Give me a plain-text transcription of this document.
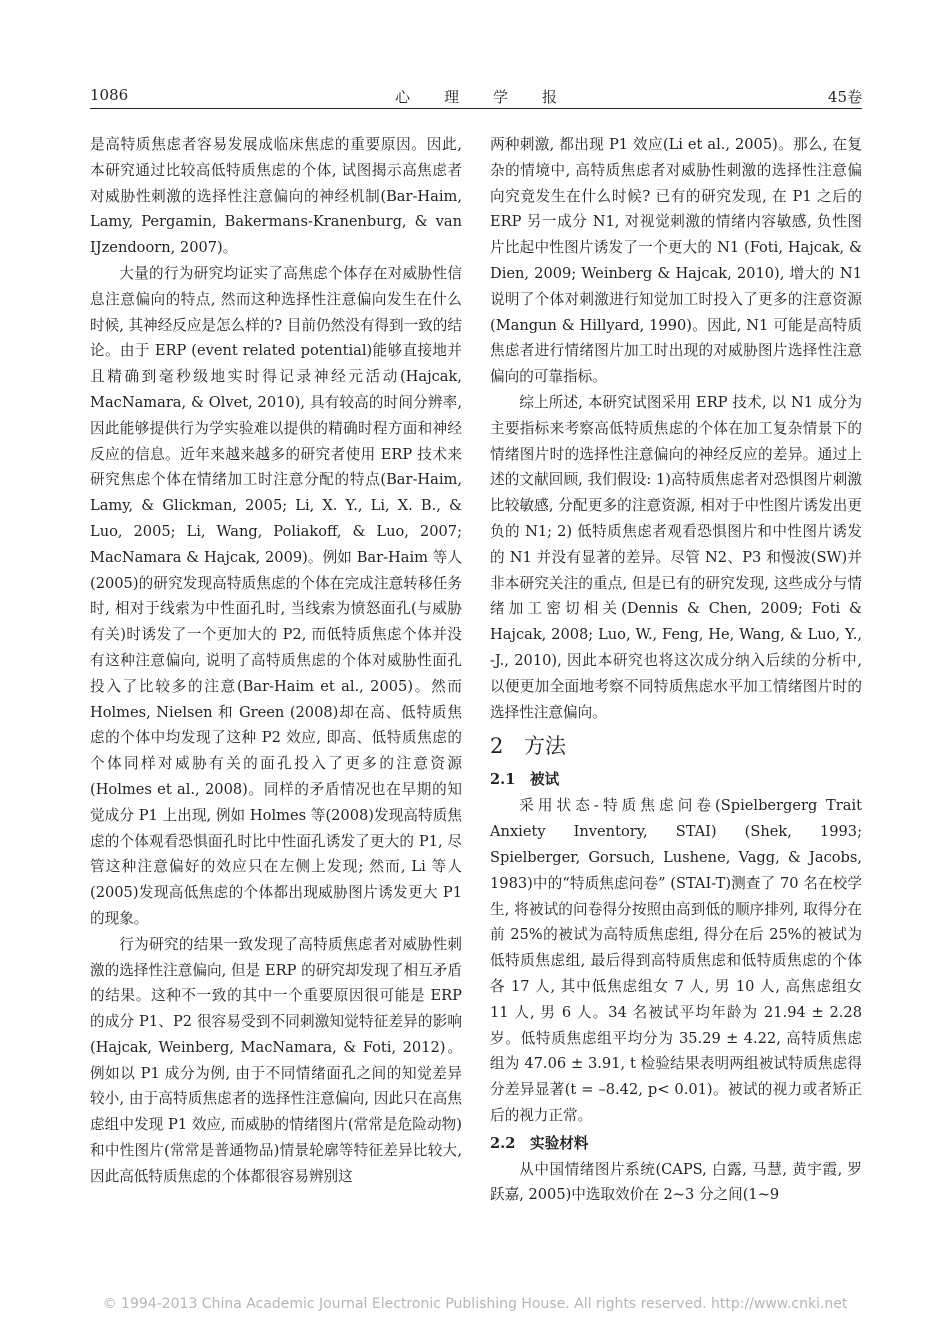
1086	心理学报	45卷

是高特质焦虑者容易发展成临床焦虑的重要原因。因此, 本研究通过比较高低特质焦虑的个体, 试图揭示高焦虑者对威胁性刺激的选择性注意偏向的神经机制(Bar-Haim, Lamy, Pergamin, Bakermans-Kranenburg, & van IJzendoorn, 2007)。

大量的行为研究均证实了高焦虑个体存在对威胁性信息注意偏向的特点, 然而这种选择性注意偏向发生在什么时候, 其神经反应是怎么样的? 目前仍然没有得到一致的结论。由于 ERP (event related potential)能够直接地并且精确到毫秒级地实时得记录神经元活动(Hajcak, MacNamara, & Olvet, 2010), 具有较高的时间分辨率, 因此能够提供行为学实验难以提供的精确时程方面和神经反应的信息。近年来越来越多的研究者使用 ERP 技术来研究焦虑个体在情绪加工时注意分配的特点(Bar-Haim, Lamy, & Glickman, 2005; Li, X. Y., Li, X. B., & Luo, 2005; Li, Wang, Poliakoff, & Luo, 2007; MacNamara & Hajcak, 2009)。例如 Bar-Haim 等人(2005)的研究发现高特质焦虑的个体在完成注意转移任务时, 相对于线索为中性面孔时, 当线索为愤怒面孔(与威胁有关)时诱发了一个更加大的 P2, 而低特质焦虑个体并没有这种注意偏向, 说明了高特质焦虑的个体对威胁性面孔投入了比较多的注意(Bar-Haim et al., 2005)。然而 Holmes, Nielsen 和 Green (2008)却在高、低特质焦虑的个体中均发现了这种 P2 效应, 即高、低特质焦虑的个体同样对威胁有关的面孔投入了更多的注意资源(Holmes et al., 2008)。同样的矛盾情况也在早期的知觉成分 P1 上出现, 例如 Holmes 等(2008)发现高特质焦虑的个体观看恐惧面孔时比中性面孔诱发了更大的 P1, 尽管这种注意偏好的效应只在左侧上发现; 然而, Li 等人(2005)发现高低焦虑的个体都出现威胁图片诱发更大 P1 的现象。

行为研究的结果一致发现了高特质焦虑者对威胁性刺激的选择性注意偏向, 但是 ERP 的研究却发现了相互矛盾的结果。这种不一致的其中一个重要原因很可能是 ERP 的成分 P1、P2 很容易受到不同刺激知觉特征差异的影响(Hajcak, Weinberg, MacNamara, & Foti, 2012)。例如以 P1 成分为例, 由于不同情绪面孔之间的知觉差异较小, 由于高特质焦虑者的选择性注意偏向, 因此只在高焦虑组中发现 P1 效应, 而威胁的情绪图片(常常是危险动物)和中性图片(常常是普通物品)情景轮廓等特征差异比较大, 因此高低特质焦虑的个体都很容易辨别这

两种刺激, 都出现 P1 效应(Li et al., 2005)。那么, 在复杂的情境中, 高特质焦虑者对威胁性刺激的选择性注意偏向究竟发生在什么时候? 已有的研究发现, 在 P1 之后的 ERP 另一成分 N1, 对视觉刺激的情绪内容敏感, 负性图片比起中性图片诱发了一个更大的 N1 (Foti, Hajcak, & Dien, 2009; Weinberg & Hajcak, 2010), 增大的 N1 说明了个体对刺激进行知觉加工时投入了更多的注意资源(Mangun & Hillyard, 1990)。因此, N1 可能是高特质焦虑者进行情绪图片加工时出现的对威胁图片选择性注意偏向的可靠指标。

综上所述, 本研究试图采用 ERP 技术, 以 N1 成分为主要指标来考察高低特质焦虑的个体在加工复杂情景下的情绪图片时的选择性注意偏向的神经反应的差异。通过上述的文献回顾, 我们假设: 1)高特质焦虑者对恐惧图片刺激比较敏感, 分配更多的注意资源, 相对于中性图片诱发出更负的 N1; 2) 低特质焦虑者观看恐惧图片和中性图片诱发的 N1 并没有显著的差异。尽管 N2、P3 和慢波(SW)并非本研究关注的重点, 但是已有的研究发现, 这些成分与情绪加工密切相关(Dennis & Chen, 2009; Foti & Hajcak, 2008; Luo, W., Feng, He, Wang, & Luo, Y., -J., 2010), 因此本研究也将这次成分纳入后续的分析中, 以便更加全面地考察不同特质焦虑水平加工情绪图片时的选择性注意偏向。

2 方法
2.1 被试

采用状态-特质焦虑问卷(Spielbergerg Trait Anxiety Inventory, STAI) (Shek, 1993; Spielberger, Gorsuch, Lushene, Vagg, & Jacobs, 1983)中的“特质焦虑问卷” (STAI-T)测查了 70 名在校学生, 将被试的问卷得分按照由高到低的顺序排列, 取得分在前 25%的被试为高特质焦虑组, 得分在后 25%的被试为低特质焦虑组, 最后得到高特质焦虑和低特质焦虑的个体各 17 人, 其中低焦虑组女 7 人, 男 10 人, 高焦虑组女 11 人, 男 6 人。34 名被试平均年龄为 21.94 ± 2.28 岁。低特质焦虑组平均分为 35.29 ± 4.22, 高特质焦虑组为 47.06 ± 3.91, t 检验结果表明两组被试特质焦虑得分差异显著(t = –8.42, p< 0.01)。被试的视力或者矫正后的视力正常。

2.2 实验材料

从中国情绪图片系统(CAPS, 白露, 马慧, 黄宇霞, 罗跃嘉, 2005)中选取效价在 2~3 分之间(1~9

© 1994-2013 China Academic Journal Electronic Publishing House. All rights reserved. http://www.cnki.net
